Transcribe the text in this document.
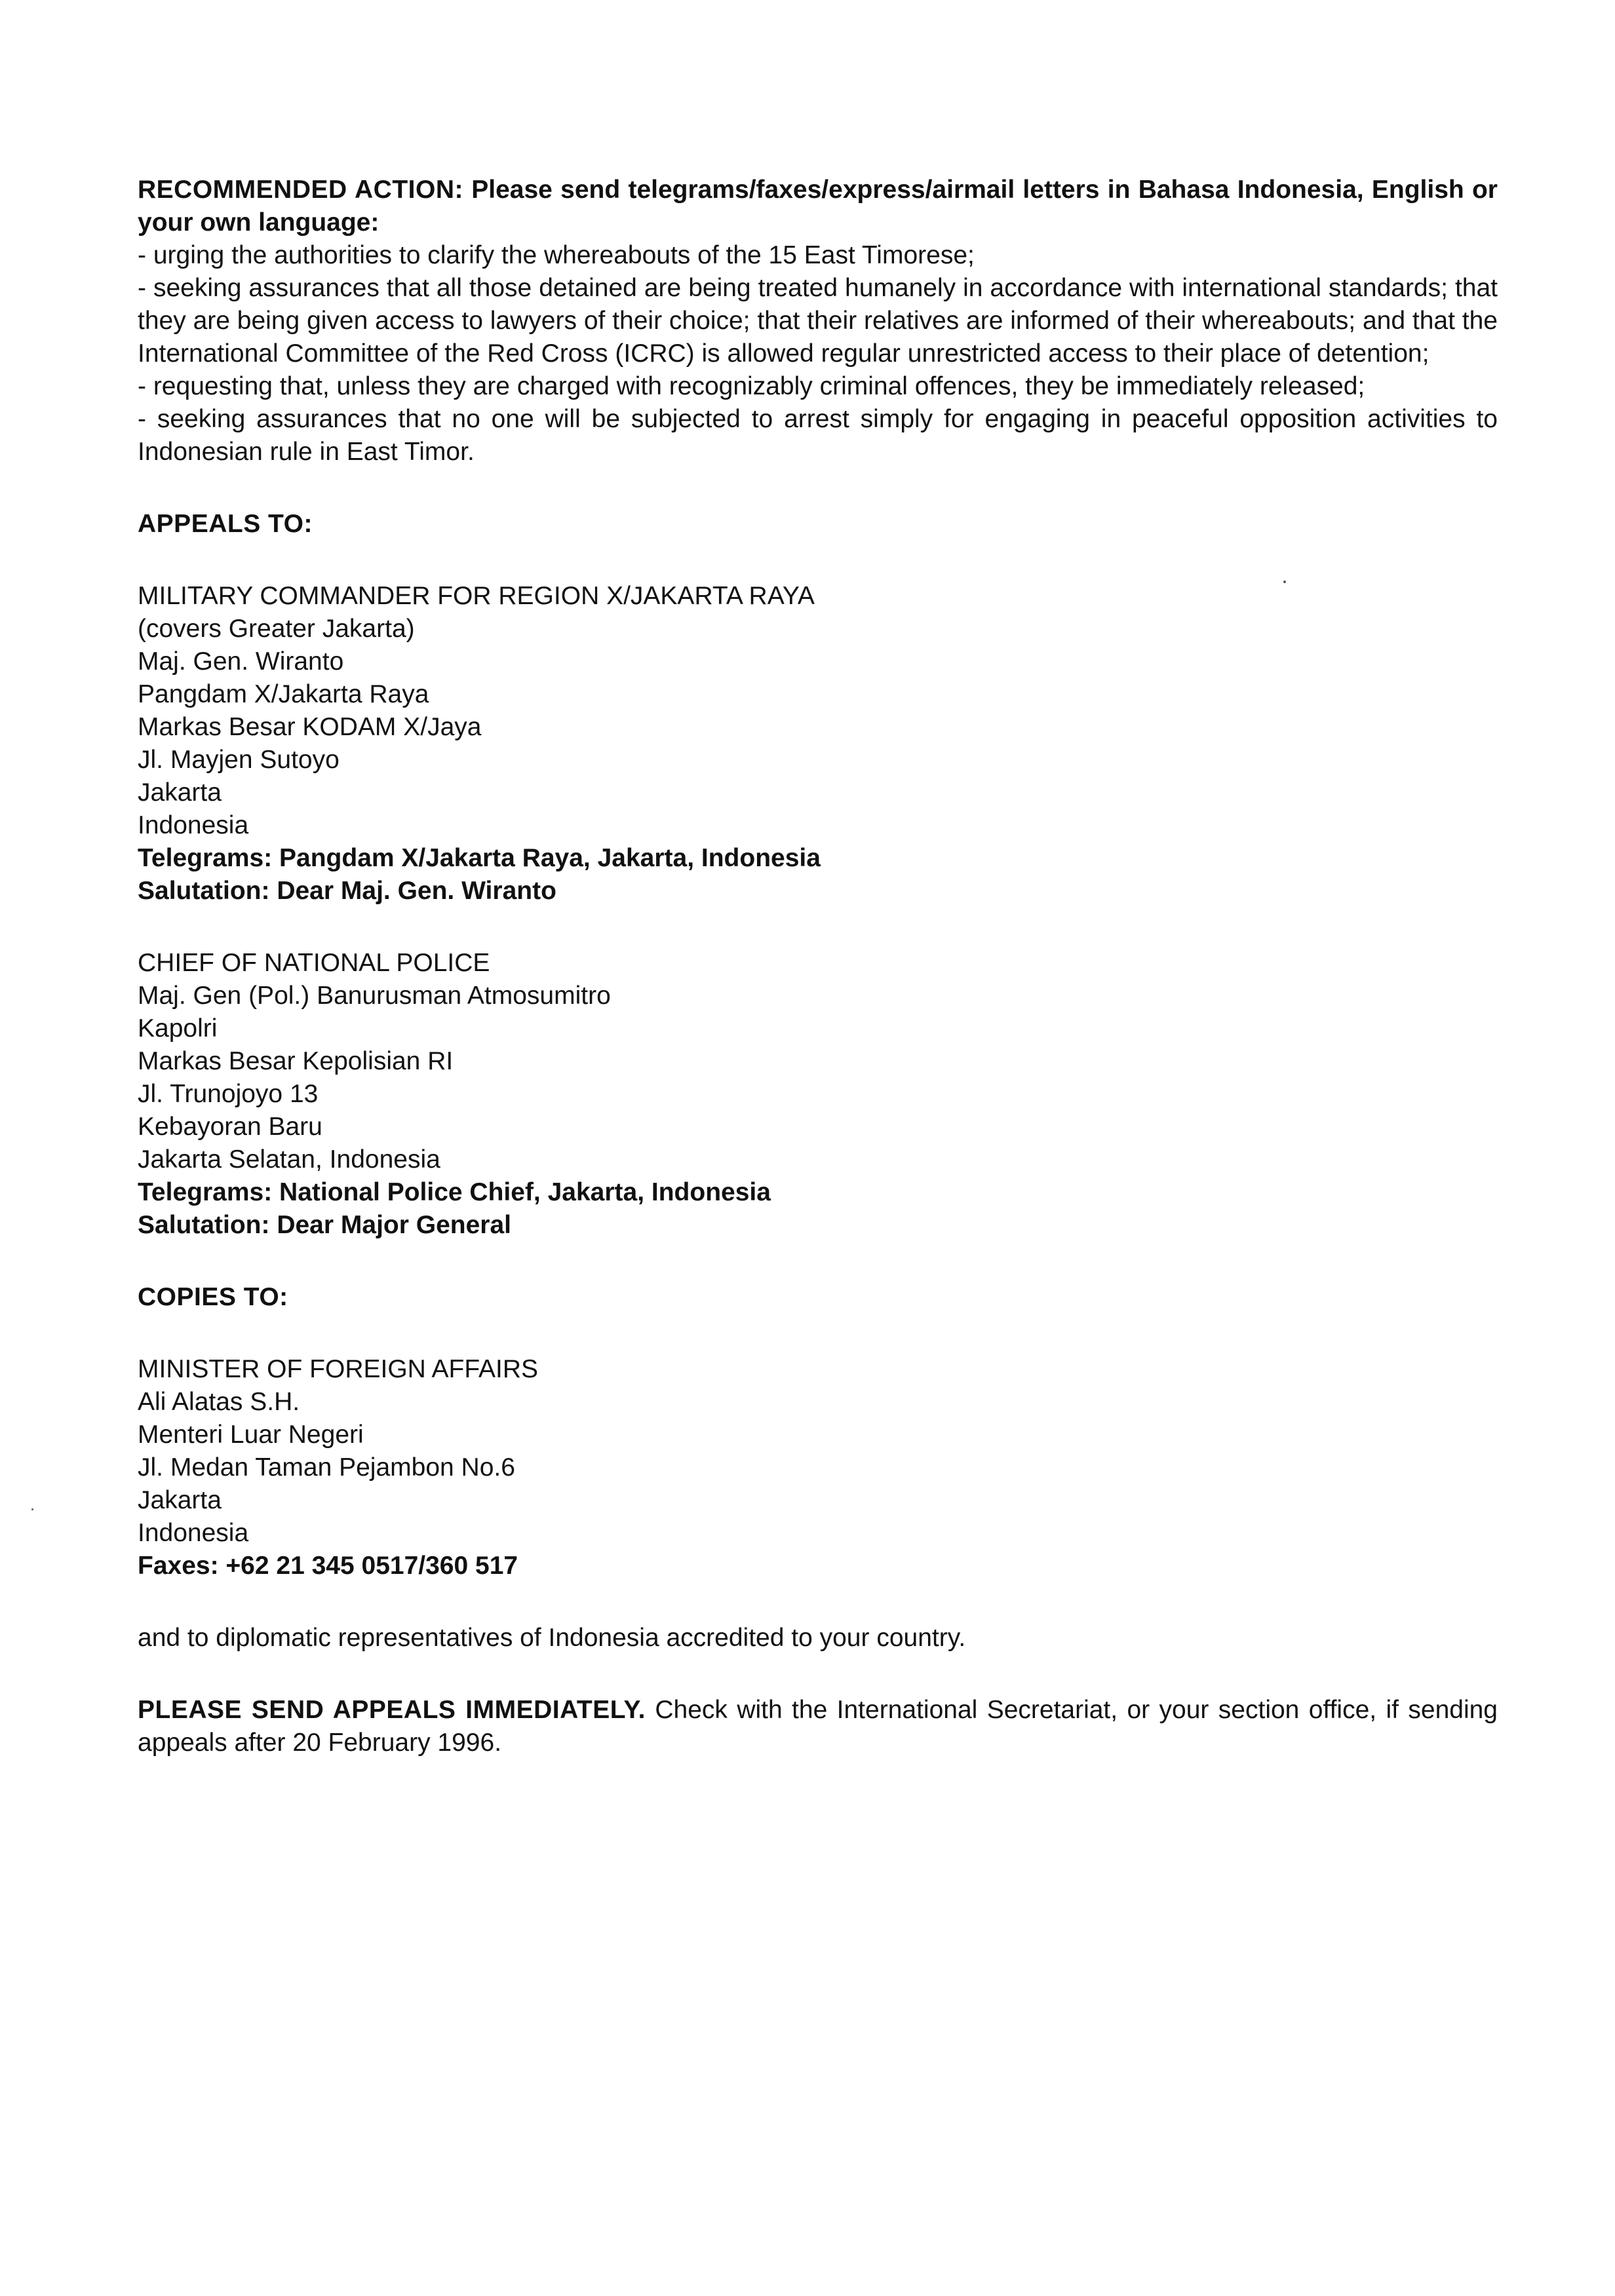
RECOMMENDED ACTION: Please send telegrams/faxes/express/airmail letters in Bahasa Indonesia, English or your own language:

- urging the authorities to clarify the whereabouts of the 15 East Timorese;

- seeking assurances that all those detained are being treated humanely in accordance with international standards; that they are being given access to lawyers of their choice; that their relatives are informed of their whereabouts; and that the International Committee of the Red Cross (ICRC) is allowed regular unrestricted access to their place of detention;

- requesting that, unless they are charged with recognizably criminal offences, they be immediately released;

- seeking assurances that no one will be subjected to arrest simply for engaging in peaceful opposition activities to Indonesian rule in East Timor.

APPEALS TO:

MILITARY COMMANDER FOR REGION X/JAKARTA RAYA

(covers Greater Jakarta)

Maj. Gen. Wiranto

Pangdam X/Jakarta Raya

Markas Besar KODAM X/Jaya

Jl. Mayjen Sutoyo

Jakarta

Indonesia

Telegrams: Pangdam X/Jakarta Raya, Jakarta, Indonesia

Salutation: Dear Maj. Gen. Wiranto

CHIEF OF NATIONAL POLICE

Maj. Gen (Pol.) Banurusman Atmosumitro

Kapolri

Markas Besar Kepolisian RI

Jl. Trunojoyo 13

Kebayoran Baru

Jakarta Selatan, Indonesia

Telegrams: National Police Chief, Jakarta, Indonesia

Salutation: Dear Major General

COPIES TO:

MINISTER OF FOREIGN AFFAIRS

Ali Alatas S.H.

Menteri Luar Negeri

Jl. Medan Taman Pejambon No.6

Jakarta

Indonesia

Faxes: +62 21 345 0517/360 517

and to diplomatic representatives of Indonesia accredited to your country.

PLEASE SEND APPEALS IMMEDIATELY. Check with the International Secretariat, or your section office, if sending appeals after 20 February 1996.
